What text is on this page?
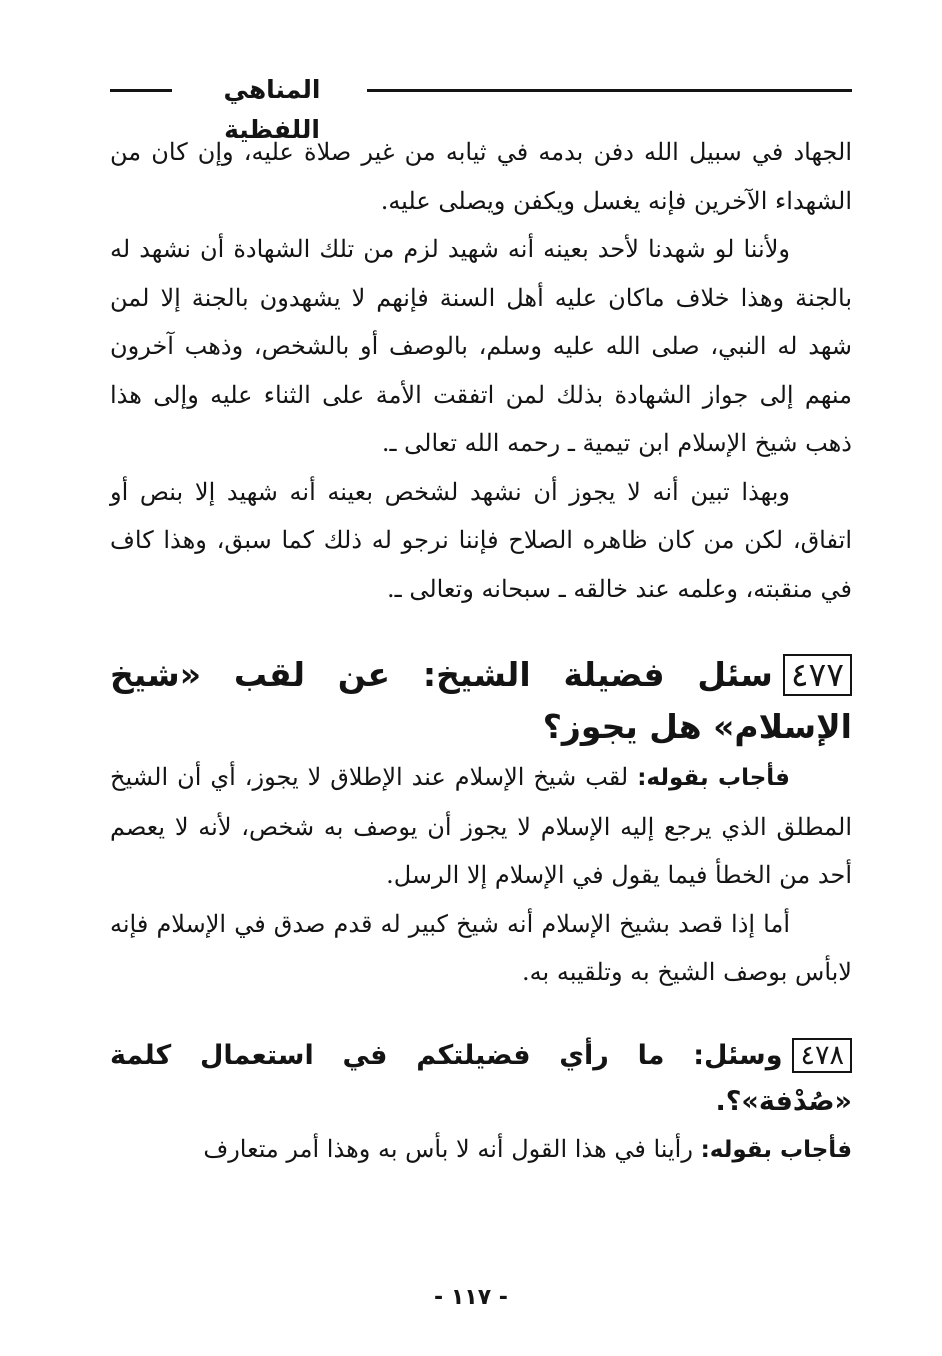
المناهي اللفظية

الجهاد في سبيل الله دفن بدمه في ثيابه من غير صلاة عليه، وإن كان من الشهداء الآخرين فإنه يغسل ويكفن ويصلى عليه.

ولأننا لو شهدنا لأحد بعينه أنه شهيد لزم من تلك الشهادة أن نشهد له بالجنة وهذا خلاف ماكان عليه أهل السنة فإنهم لا يشهدون بالجنة إلا لمن شهد له النبي، صلى الله عليه وسلم، بالوصف أو بالشخص، وذهب آخرون منهم إلى جواز الشهادة بذلك لمن اتفقت الأمة على الثناء عليه وإلى هذا ذهب شيخ الإسلام ابن تيمية ـ رحمه الله تعالى ـ.

وبهذا تبين أنه لا يجوز أن نشهد لشخص بعينه أنه شهيد إلا بنص أو اتفاق، لكن من كان ظاهره الصلاح فإننا نرجو له ذلك كما سبق، وهذا كاف في منقبته، وعلمه عند خالقه ـ سبحانه وتعالى ـ.

٤٧٧سئل فضيلة الشيخ: عن لقب «شيخ الإسلام» هل يجوز؟

فأجاب بقوله: لقب شيخ الإسلام عند الإطلاق لا يجوز، أي أن الشيخ المطلق الذي يرجع إليه الإسلام لا يجوز أن يوصف به شخص، لأنه لا يعصم أحد من الخطأ فيما يقول في الإسلام إلا الرسل.

أما إذا قصد بشيخ الإسلام أنه شيخ كبير له قدم صدق في الإسلام فإنه لابأس بوصف الشيخ به وتلقيبه به.

٤٧٨وسئل: ما رأي فضيلتكم في استعمال كلمة «صُدْفة»؟.

فأجاب بقوله: رأينا في هذا القول أنه لا بأس به وهذا أمر متعارف

- ١١٧ -
